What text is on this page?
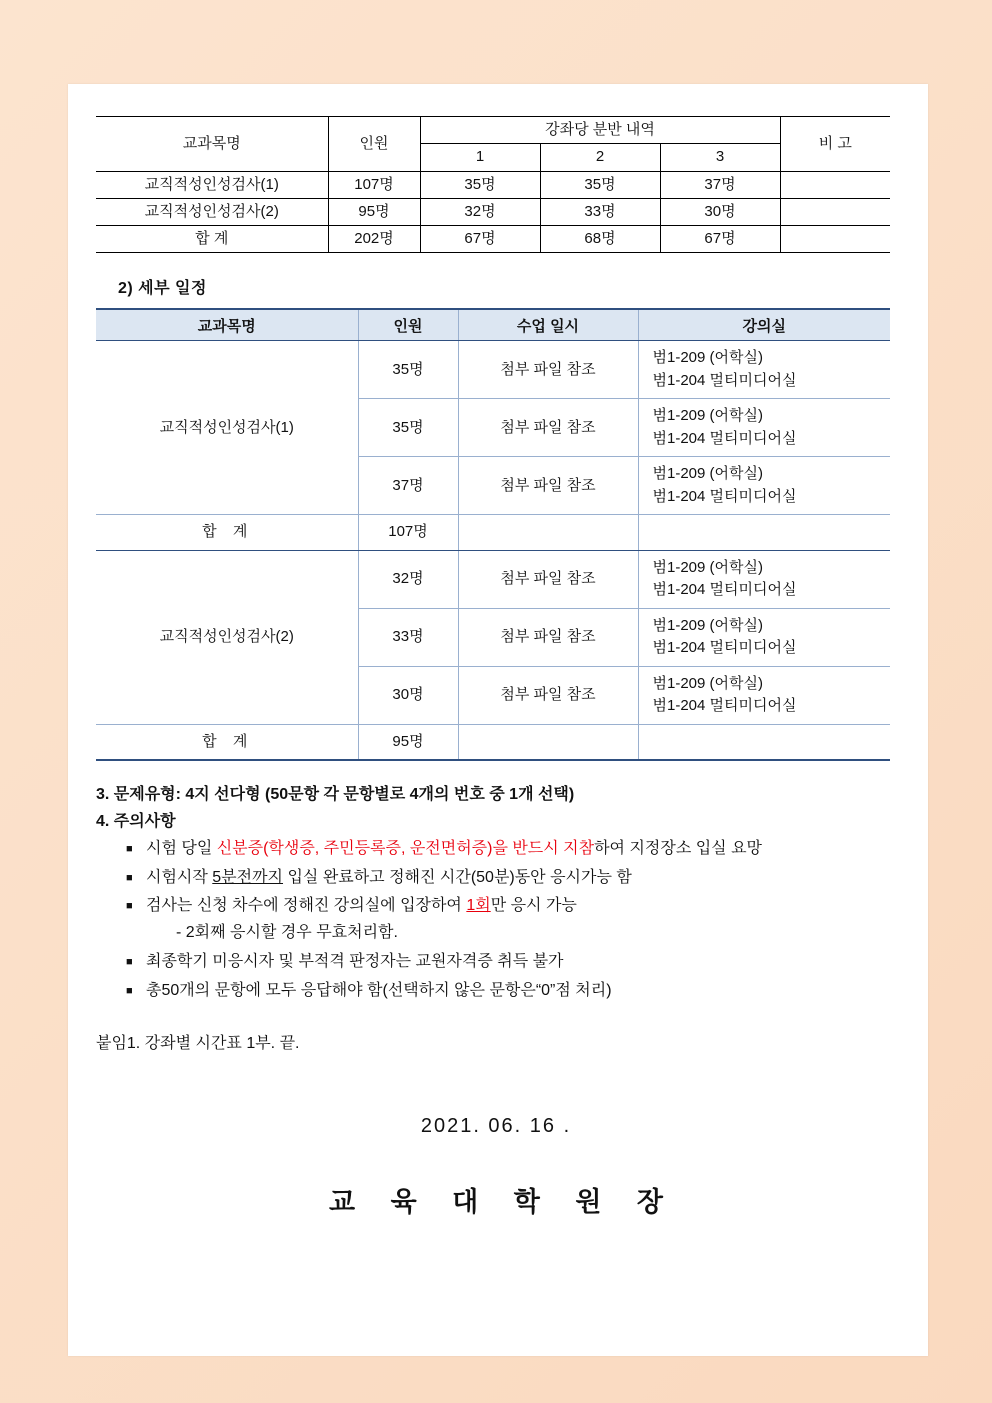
교과목명	인원	강좌당 분반 내역			비 고
		1	2	3	
교직적성인성검사(1)	107명	35명	35명	37명	
교직적성인성검사(2)	95명	32명	33명	30명	
합 계	202명	67명	68명	67명	
2) 세부 일정
교과목명	인원	수업 일시	강의실
교직적성인성검사(1)	35명	첨부 파일 참조	범1-209 (어학실)
범1-204 멀티미디어실

	35명	첨부 파일 참조	범1-209 (어학실)
범1-204 멀티미디어실

	37명	첨부 파일 참조	범1-209 (어학실)
범1-204 멀티미디어실

합 계	107명		
교직적성인성검사(2)	32명	첨부 파일 참조	범1-209 (어학실)
범1-204 멀티미디어실

	33명	첨부 파일 참조	범1-209 (어학실)
범1-204 멀티미디어실

	30명	첨부 파일 참조	범1-209 (어학실)
범1-204 멀티미디어실

합 계	95명		
3. 문제유형: 4지 선다형 (50문항 각 문항별로 4개의 번호 중 1개 선택)
4. 주의사항
■ 시험 당일 신분증(학생증, 주민등록증, 운전면허증)을 반드시 지참하여 지정장소 입실 요망
■ 시험시작 5분전까지 입실 완료하고 정해진 시간(50분)동안 응시가능 함
■ 검사는 신청 차수에 정해진 강의실에 입장하여 1회만 응시 가능
- 2회째 응시할 경우 무효처리함.
■ 최종학기 미응시자 및 부적격 판정자는 교원자격증 취득 불가
■ 총50개의 문항에 모두 응답해야 함(선택하지 않은 문항은“0”점 처리)
붙임1. 강좌별 시간표 1부. 끝.
2021. 06. 16 .
교 육 대 학 원 장
